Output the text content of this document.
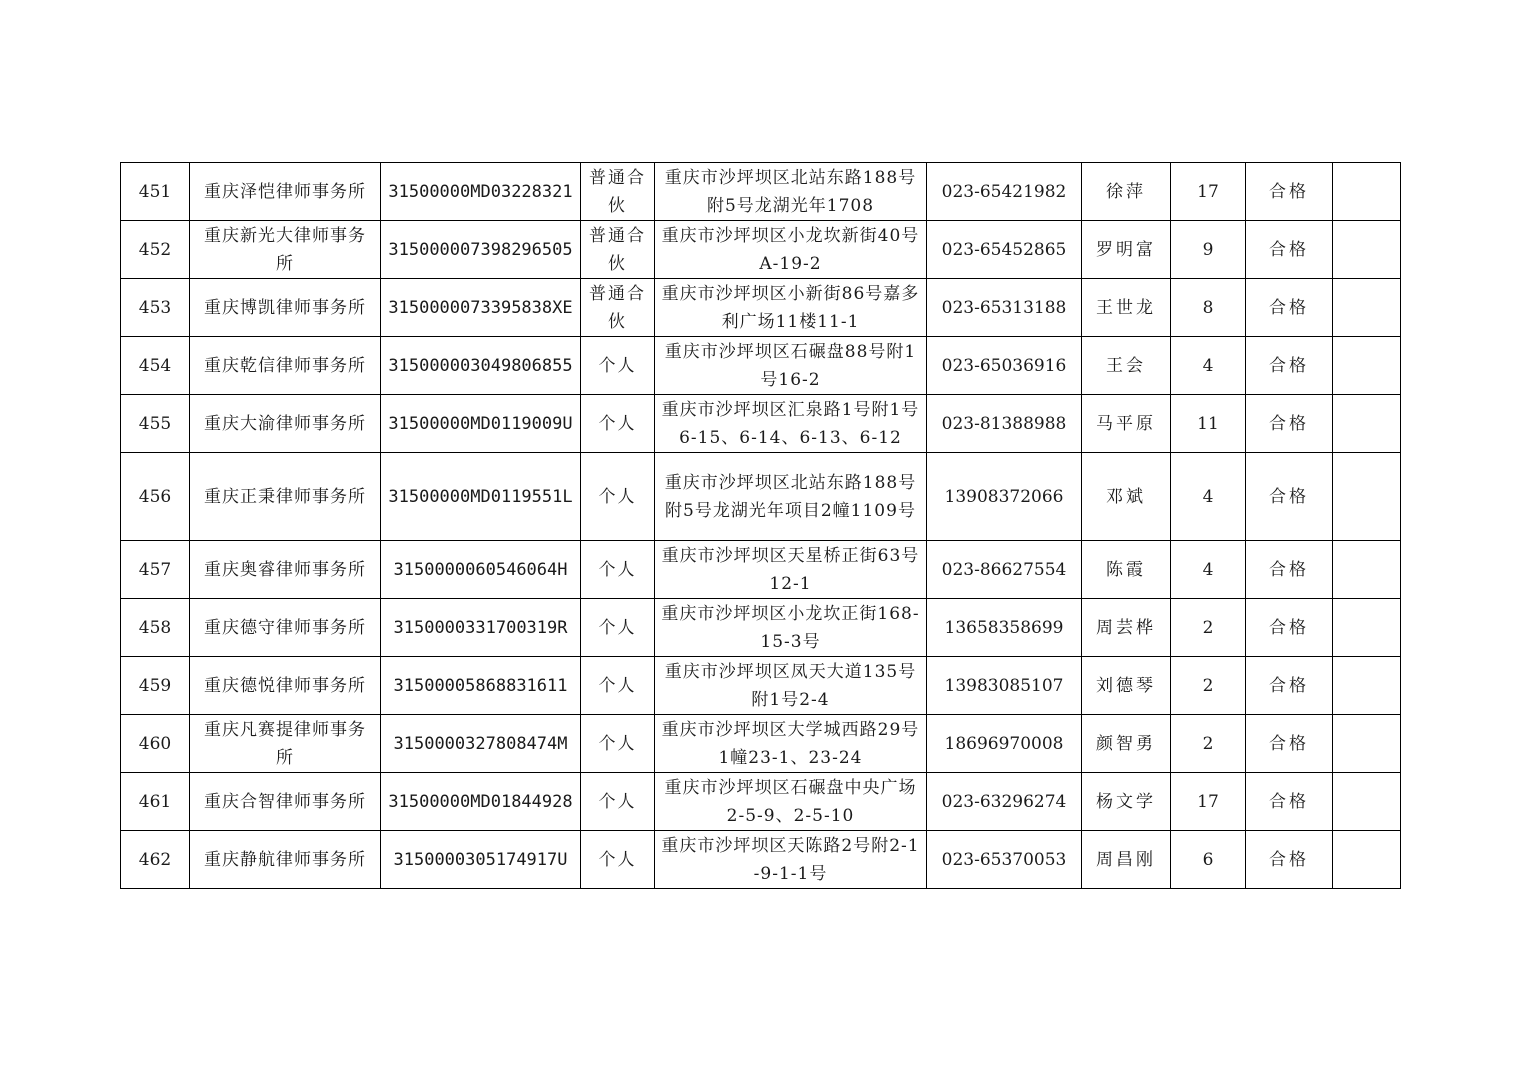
451	重庆泽恺律师事务所	31500000MD03228321	普通合伙	重庆市沙坪坝区北站东路188号附5号龙湖光年1708	023-65421982	徐萍	17	合格	
452	重庆新光大律师事务所	315000007398296505	普通合伙	重庆市沙坪坝区小龙坎新街40号A-19-2	023-65452865	罗明富	9	合格	
453	重庆博凯律师事务所	3150000073395838XE	普通合伙	重庆市沙坪坝区小新街86号嘉多利广场11楼11-1	023-65313188	王世龙	8	合格	
454	重庆乾信律师事务所	315000003049806855	个人	重庆市沙坪坝区石碾盘88号附1号16-2	023-65036916	王会	4	合格	
455	重庆大渝律师事务所	31500000MD0119009U	个人	重庆市沙坪坝区汇泉路1号附1号6-15、6-14、6-13、6-12	023-81388988	马平原	11	合格	
456	重庆正秉律师事务所	31500000MD0119551L	个人	重庆市沙坪坝区北站东路188号附5号龙湖光年项目2幢1109号	13908372066	邓斌	4	合格	
457	重庆奥睿律师事务所	3150000060546064H	个人	重庆市沙坪坝区天星桥正街63号12-1	023-86627554	陈霞	4	合格	
458	重庆德守律师事务所	3150000331700319R	个人	重庆市沙坪坝区小龙坎正街168-15-3号	13658358699	周芸桦	2	合格	
459	重庆德悦律师事务所	31500005868831611	个人	重庆市沙坪坝区凤天大道135号附1号2-4	13983085107	刘德琴	2	合格	
460	重庆凡赛提律师事务所	3150000327808474M	个人	重庆市沙坪坝区大学城西路29号1幢23-1、23-24	18696970008	颜智勇	2	合格	
461	重庆合智律师事务所	31500000MD01844928	个人	重庆市沙坪坝区石碾盘中央广场2-5-9、2-5-10	023-63296274	杨文学	17	合格	
462	重庆静航律师事务所	3150000305174917U	个人	重庆市沙坪坝区天陈路2号附2-1-9-1-1号	023-65370053	周昌刚	6	合格	
